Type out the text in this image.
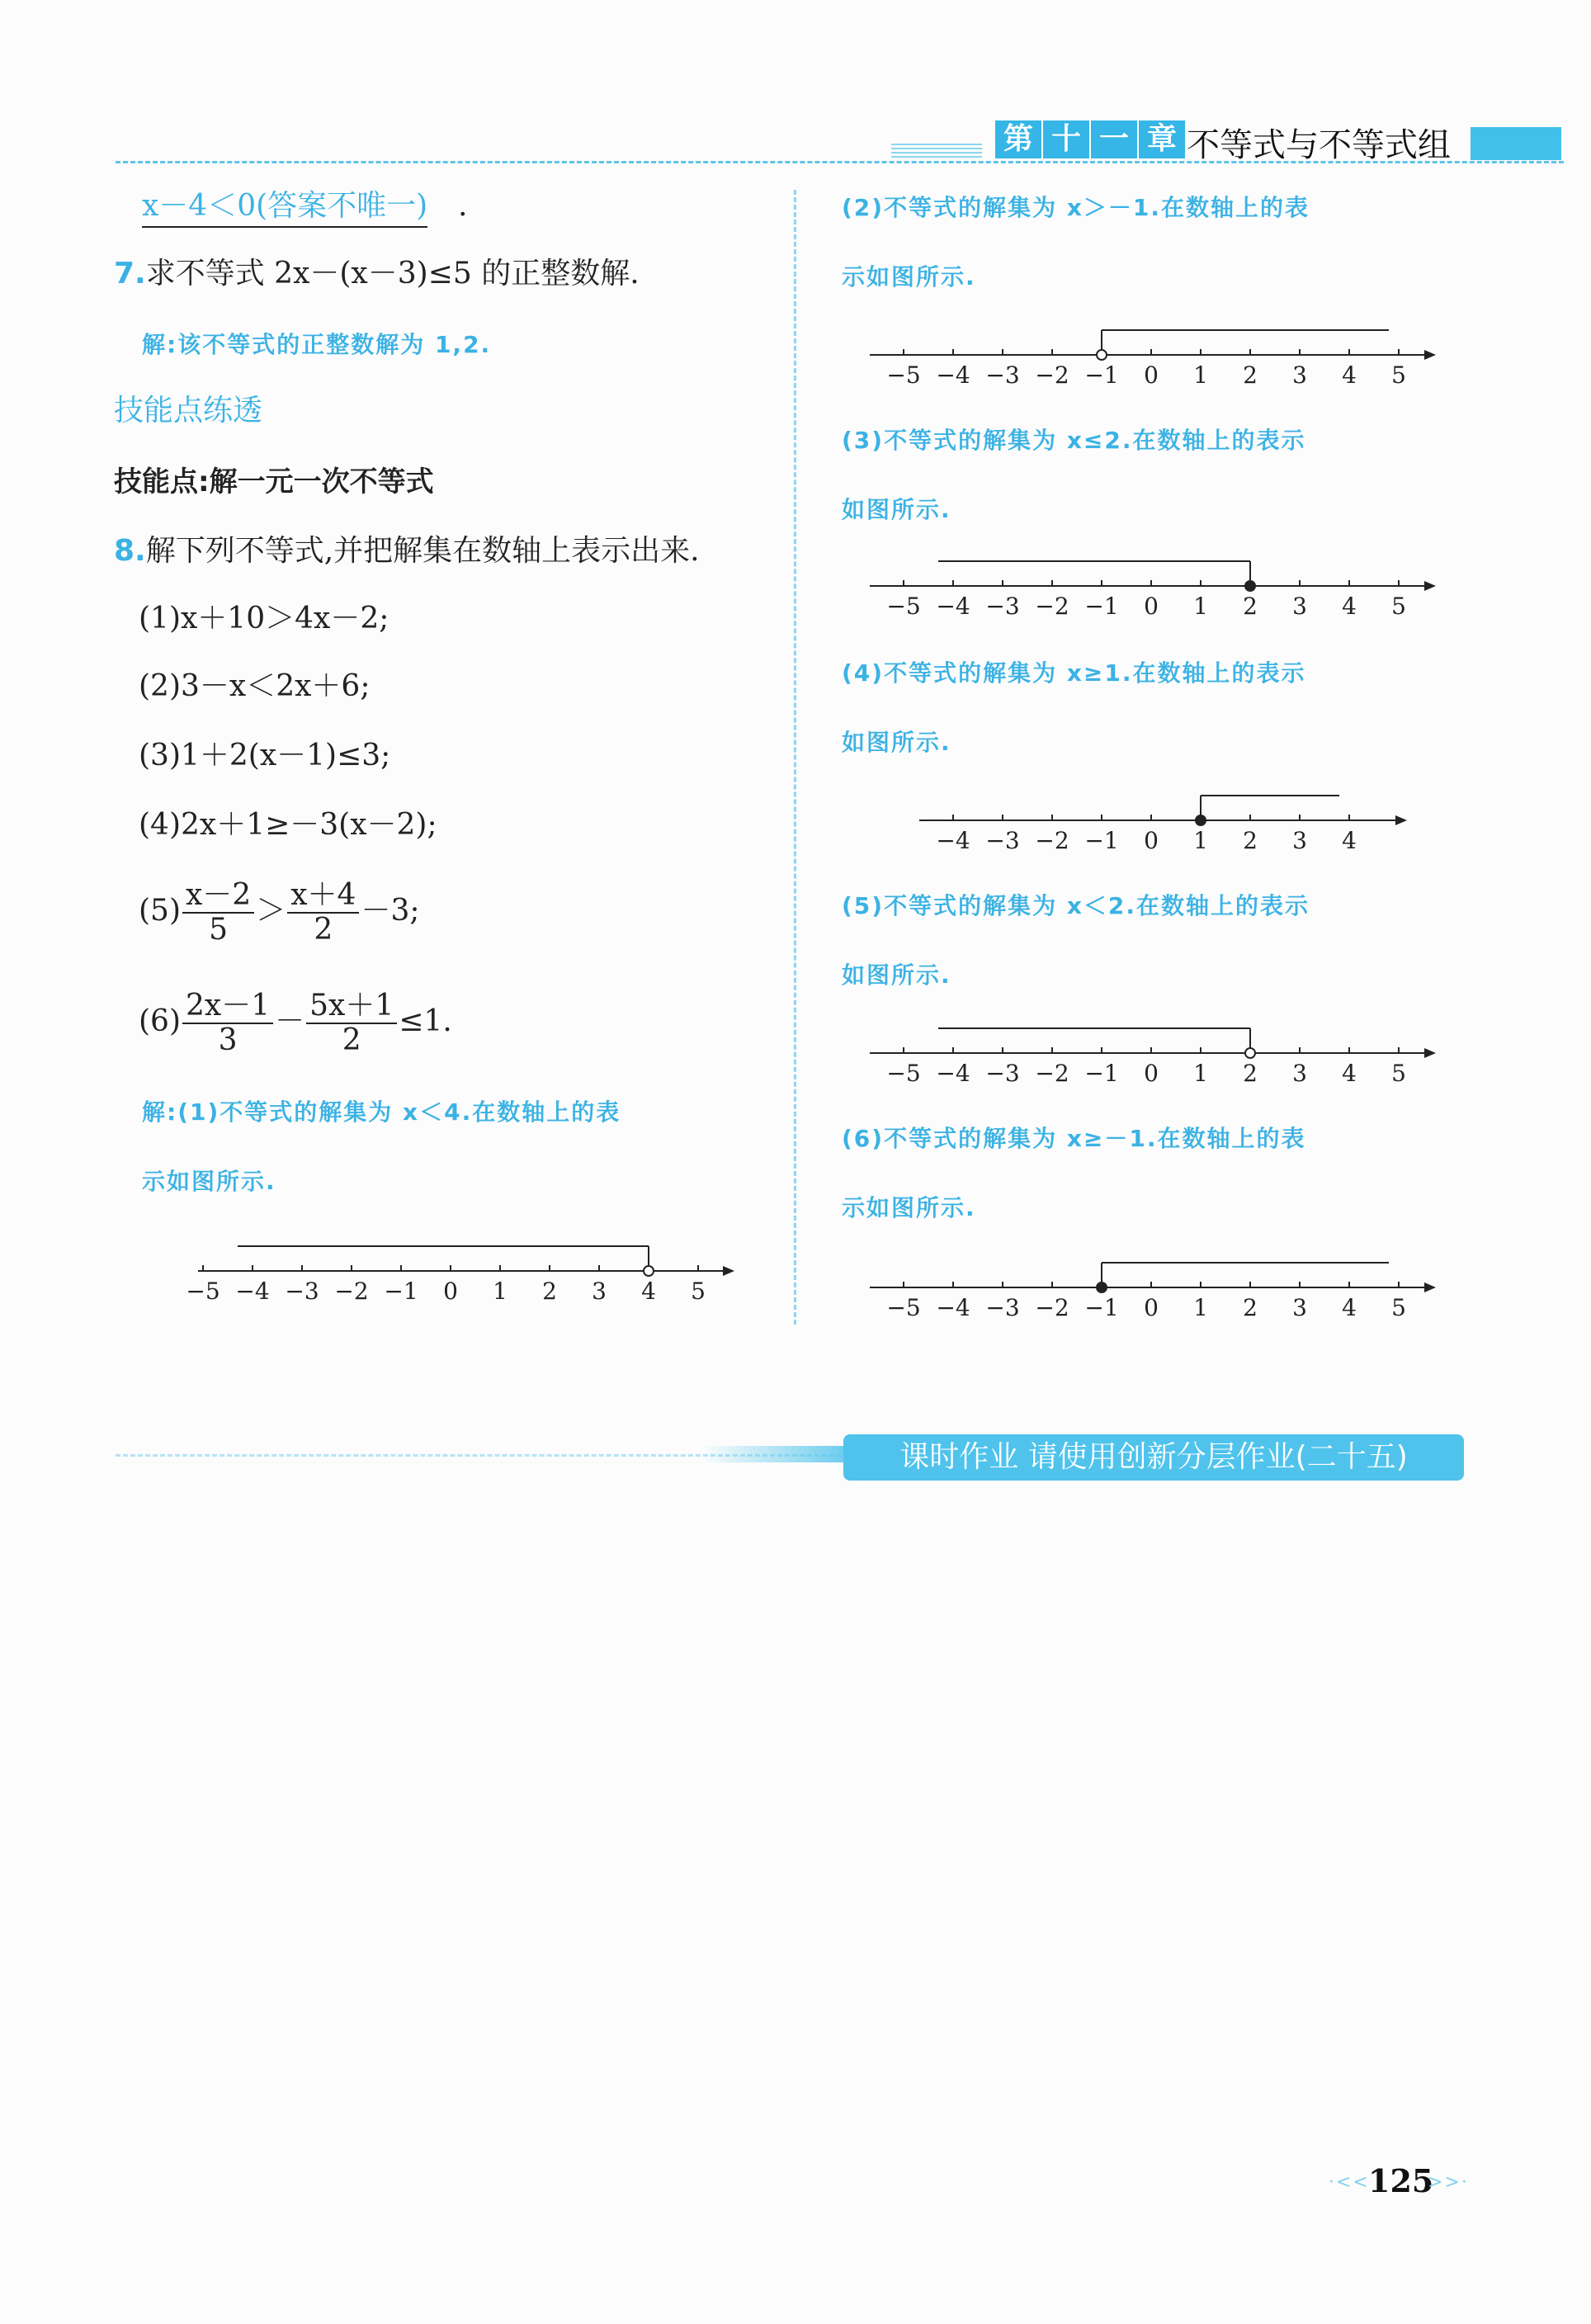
第 十 一 章 不等式与不等式组
x－4＜0(答案不唯一) .
7.求不等式 2x－(x－3)≤5 的正整数解.
解:该不等式的正整数解为 1,2.
技能点练透
技能点:解一元一次不等式
8.解下列不等式,并把解集在数轴上表示出来.
(1)x＋10＞4x－2;
(2)3－x＜2x＋6;
(3)1＋2(x－1)≤3;
(4)2x＋1≥－3(x－2);
$(5) \frac{x-2}{5} > \frac{x+4}{2} -3$;
$(6) \frac{2x-1}{3} - \frac{5x+1}{2} \le 1$.
解:(1)不等式的解集为 x＜4.在数轴上的表
示如图所示.
−5 −4 −3 −2 −1 0 1 2 3 4 5
(2)不等式的解集为 x＞－1.在数轴上的表
示如图所示.
−5 −4 −3 −2 −1 0 1 2 3 4 5
(3)不等式的解集为 x≤2.在数轴上的表示
如图所示.
−5 −4 −3 −2 −1 0 1 2 3 4 5
(4)不等式的解集为 x≥1.在数轴上的表示
如图所示.
−4 −3 −2 −1 0 1 2 3 4
(5)不等式的解集为 x＜2.在数轴上的表示
如图所示.
−5 −4 −3 −2 −1 0 1 2 3 4 5
(6)不等式的解集为 x≥－1.在数轴上的表
示如图所示.
−5 −4 −3 −2 −1 0 1 2 3 4 5
课时作业 请使用创新分层作业(二十五)
·<<
125
>>·
